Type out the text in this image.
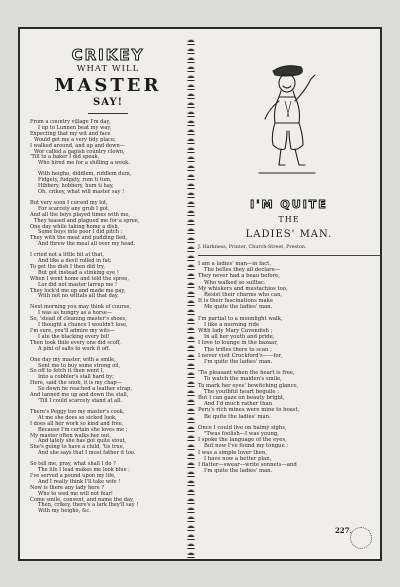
CRIKEY
WHAT WILL
MASTER
SAY!
From a country village I'm day,
I up to Lunnen beat my way,
Expecting that my wit and face
Would get me a very tidy place;
I walked around, and up and down—
Wor called a gapish country clown,
'Till to a baker I did speak,
Who hired me for a shilling a week.
With heigho, diddlem, riddlem dum,
Fidgety, fudgety, rum ti tum,
Hibbery, hobbery, hum ti hay,
Oh, crikey, what will master say !
But very soon I cursed my lot,
For scarcely any grub I got,
And all the boys played times with me,
They teased and plagued me for a spree,
One day while taking home a dish,
Some boys into poor I did pitch ;
They with the meat and pudding fled,
And threw the meal all over my head.
I cried not a little bit at that,
And like a devil rolled in fat;
To get the dish I then did try,
But got instead a stinking eye !
When I went home and told the spree,
Lor did not master larrup me !
They lock'd me up and made me pay,
With not no wittals all that day.
Next morning you may think of course,
I was as hungry as a horse—
So, 'stead of cleaning master's shoes,
I thought a chance I wouldn't lose,
I'm sure, you'll admire my wits—
I ate the blacking every bit!
Then took thile every one did scoff,
A pint of salts to work it off.
One day my master, with a smile,
Sent me to buy some strong oil,
So off to fetch it then went I,
Into a cobbler's stall hard by;
Here, said the snob, it is my chap—
So down he reached a leather strap,
And tanned me up and down the stall,
'Till I could scarcely stand at all.
There's Peggy too my master's cook,
At me she does so sicked look,
I does all her work so kind and free,
Because I'm certain she loves me ;
My master often walks her out,
And lately she has got quite stout,
She's going to have a child, 'tis true,
And she says that I must father it too.
So tell me, pray, what shall I do ?
The life I lead makes me look blue ;
I've served a pound upon my life,
And I really think I'll take wife !
Now is there any lady here ?
Who to wed me will not fear!
Come smile, consent, and name the day,
Then, crikey, there's a lark they'll say !
With my heigho, &c.
I'M QUITE
THE
LADIES' MAN.
J. Harkness, Printer, Church-Street, Preston.
I am a ladies' man—in fact,
The belles they all declare—
They never had a beau before,
Who walked so sulltac.
My whiskers and mustachios too,
Resist their charms who can,
It is their fascinations make
Me quite the ladies' man.
I'm partial to a moonlight walk,
I like a morning ride
With lady Mary Cavendish ;
In all her youth and pride,
I love to lounge in the bazaar,
The trifles there to scan ;
I never visit Crockford's——for,
I'm quite the ladies' man.
'Tis pleasant when the heart is free,
To watch the maiden's smile,
To mark her eyes' bewitching glance,
The youthful heart beguile ;
But I can gaze on beauty bright,
And I'd much rather than
Peru's rich mines were mine to boast,
Be quite the ladies' man.
Once I could live on balmy sighs,
"Twas foolish—I was young,
I spoke the language of the eyes,
But now I've found my tongue :
I was a simple lover then,
I have now a better plan,
I flatter—swear—write sonnets—and
I'm quite the ladies' man.
227.
